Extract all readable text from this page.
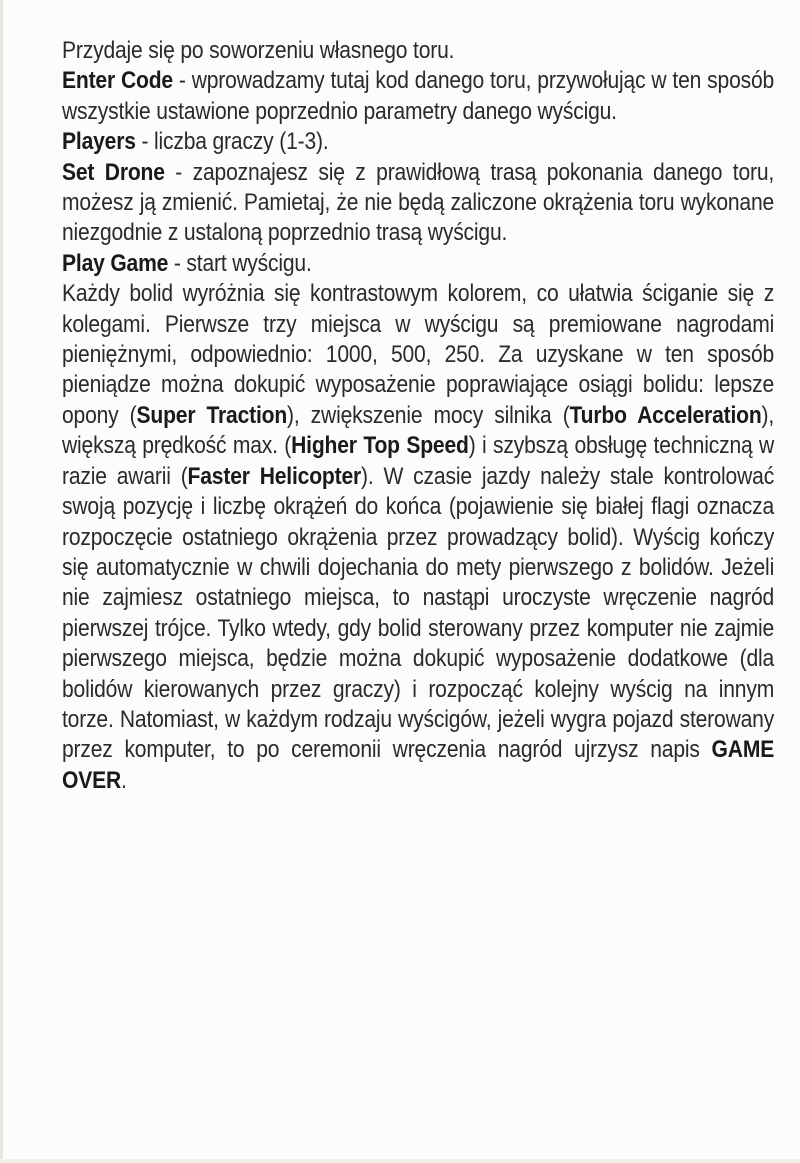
Przydaje się po soworzeniu własnego toru.

Enter Code - wprowadzamy tutaj kod danego toru, przywołując w ten sposób wszystkie ustawione poprzednio parametry danego wyścigu.

Players - liczba graczy (1-3).

Set Drone - zapoznajesz się z prawidłową trasą pokonania danego toru, możesz ją zmienić. Pamietaj, że nie będą zaliczone okrążenia toru wykonane niezgodnie z ustaloną poprzednio trasą wyścigu.

Play Game - start wyścigu.

Każdy bolid wyróżnia się kontrastowym kolorem, co ułatwia ściganie się z kolegami. Pierwsze trzy miejsca w wyścigu są premiowane nagrodami pieniężnymi, odpowiednio: 1000, 500, 250. Za uzyskane w ten sposób pieniądze można dokupić wyposażenie poprawiające osiągi bolidu: lepsze opony (Super Traction), zwiększenie mocy silnika (Turbo Acceleration), większą prędkość max. (Higher Top Speed) i szybszą obsługę techniczną w razie awarii (Faster Helicopter). W czasie jazdy należy stale kontrolować swoją pozycję i liczbę okrążeń do końca (pojawienie się białej flagi oznacza rozpoczęcie ostatniego okrążenia przez prowadzący bolid). Wyścig kończy się automatycznie w chwili dojechania do mety pierwszego z bolidów. Jeżeli nie zajmiesz ostatniego miejsca, to nastąpi uroczyste wręczenie nagród pierwszej trójce. Tylko wtedy, gdy bolid sterowany przez komputer nie zajmie pierwszego miejsca, będzie można dokupić wyposażenie dodatkowe (dla bolidów kierowanych przez graczy) i rozpocząć kolejny wyścig na innym torze. Natomiast, w każdym rodzaju wyścigów, jeżeli wygra pojazd sterowany przez komputer, to po ceremonii wręczenia nagród ujrzysz napis GAME OVER.
